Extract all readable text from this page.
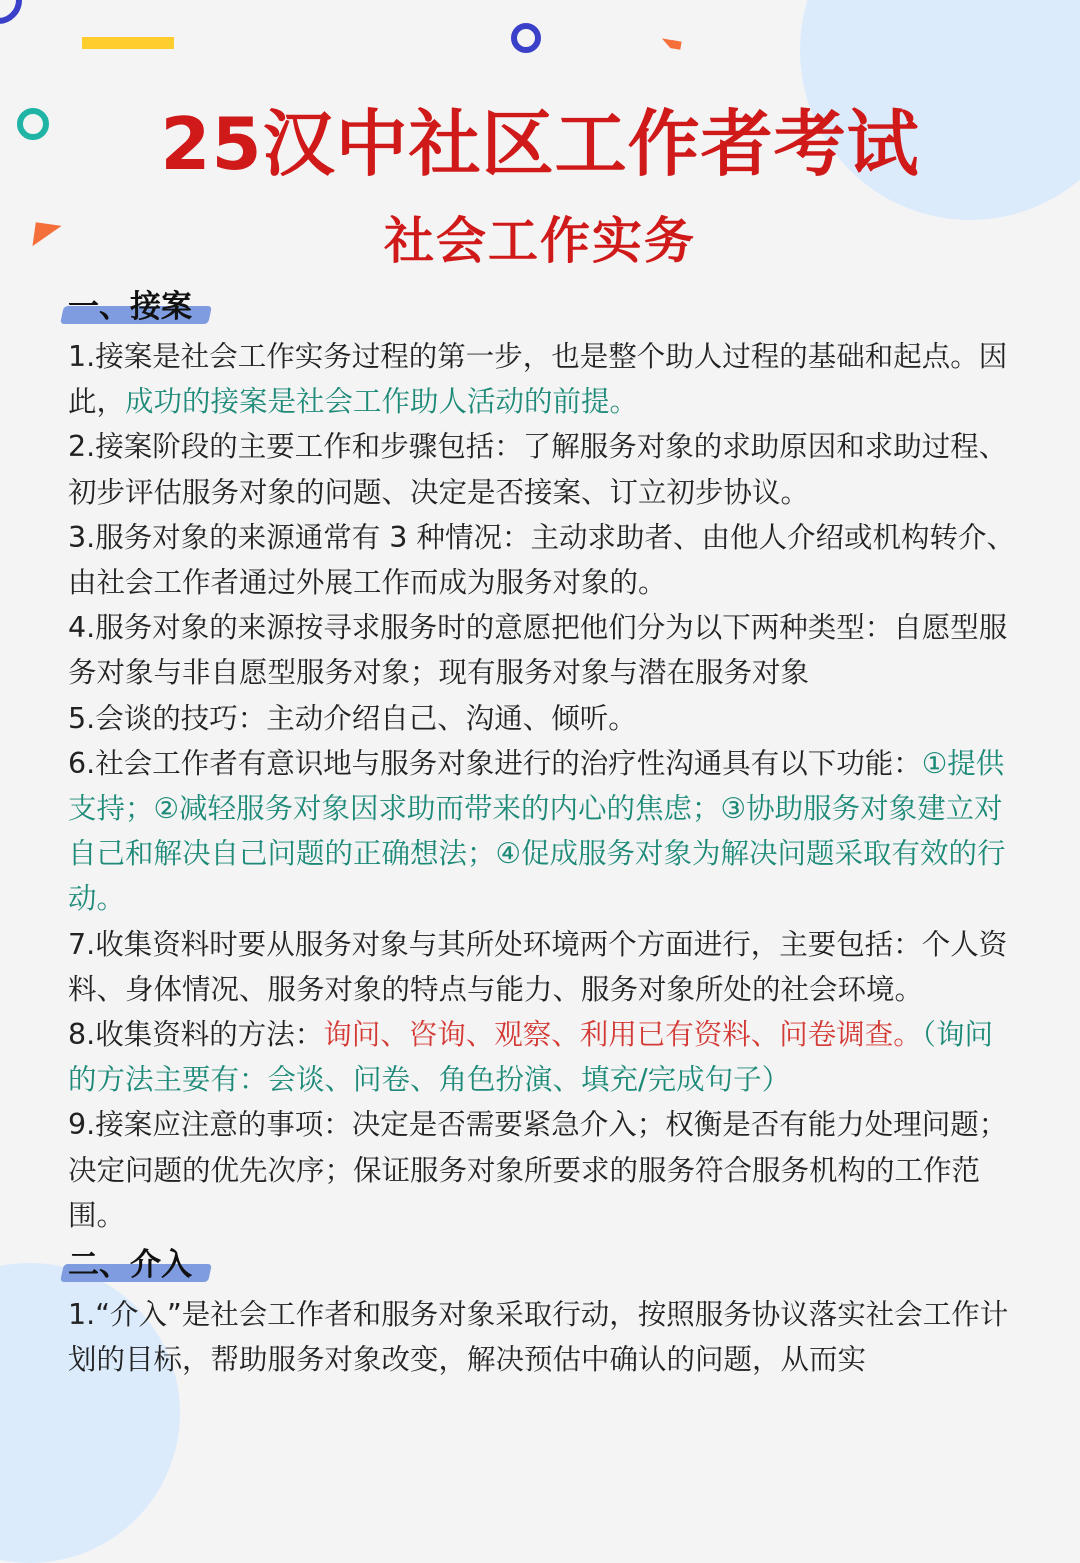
25汉中社区工作者考试
社会工作实务
一、接案

1.接案是社会工作实务过程的第一步，也是整个助人过程的基础和起点。因此，成功的接案是社会工作助人活动的前提。

2.接案阶段的主要工作和步骤包括：了解服务对象的求助原因和求助过程、初步评估服务对象的问题、决定是否接案、订立初步协议。

3.服务对象的来源通常有 3 种情况：主动求助者、由他人介绍或机构转介、由社会工作者通过外展工作而成为服务对象的。

4.服务对象的来源按寻求服务时的意愿把他们分为以下两种类型：自愿型服务对象与非自愿型服务对象；现有服务对象与潜在服务对象

5.会谈的技巧：主动介绍自己、沟通、倾听。

6.社会工作者有意识地与服务对象进行的治疗性沟通具有以下功能：①提供支持；②减轻服务对象因求助而带来的内心的焦虑；③协助服务对象建立对自己和解决自己问题的正确想法；④促成服务对象为解决问题采取有效的行动。

7.收集资料时要从服务对象与其所处环境两个方面进行，主要包括：个人资料、身体情况、服务对象的特点与能力、服务对象所处的社会环境。

8.收集资料的方法：询问、咨询、观察、利用已有资料、问卷调查。（询问的方法主要有：会谈、问卷、角色扮演、填充/完成句子）

9.接案应注意的事项：决定是否需要紧急介入；权衡是否有能力处理问题；决定问题的优先次序；保证服务对象所要求的服务符合服务机构的工作范围。

二、介入

1.“介入”是社会工作者和服务对象采取行动，按照服务协议落实社会工作计划的目标，帮助服务对象改变，解决预估中确认的问题，从而实
